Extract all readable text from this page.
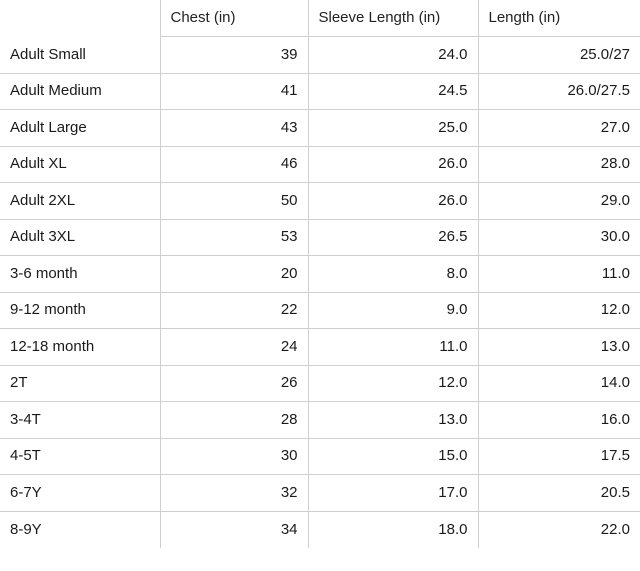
	Chest (in)	Sleeve Length (in)	Length (in)
Adult Small	39	24.0	25.0/27
Adult Medium	41	24.5	26.0/27.5
Adult Large	43	25.0	27.0
Adult XL	46	26.0	28.0
Adult 2XL	50	26.0	29.0
Adult 3XL	53	26.5	30.0
3-6 month	20	8.0	11.0
9-12 month	22	9.0	12.0
12-18 month	24	11.0	13.0
2T	26	12.0	14.0
3-4T	28	13.0	16.0
4-5T	30	15.0	17.5
6-7Y	32	17.0	20.5
8-9Y	34	18.0	22.0
